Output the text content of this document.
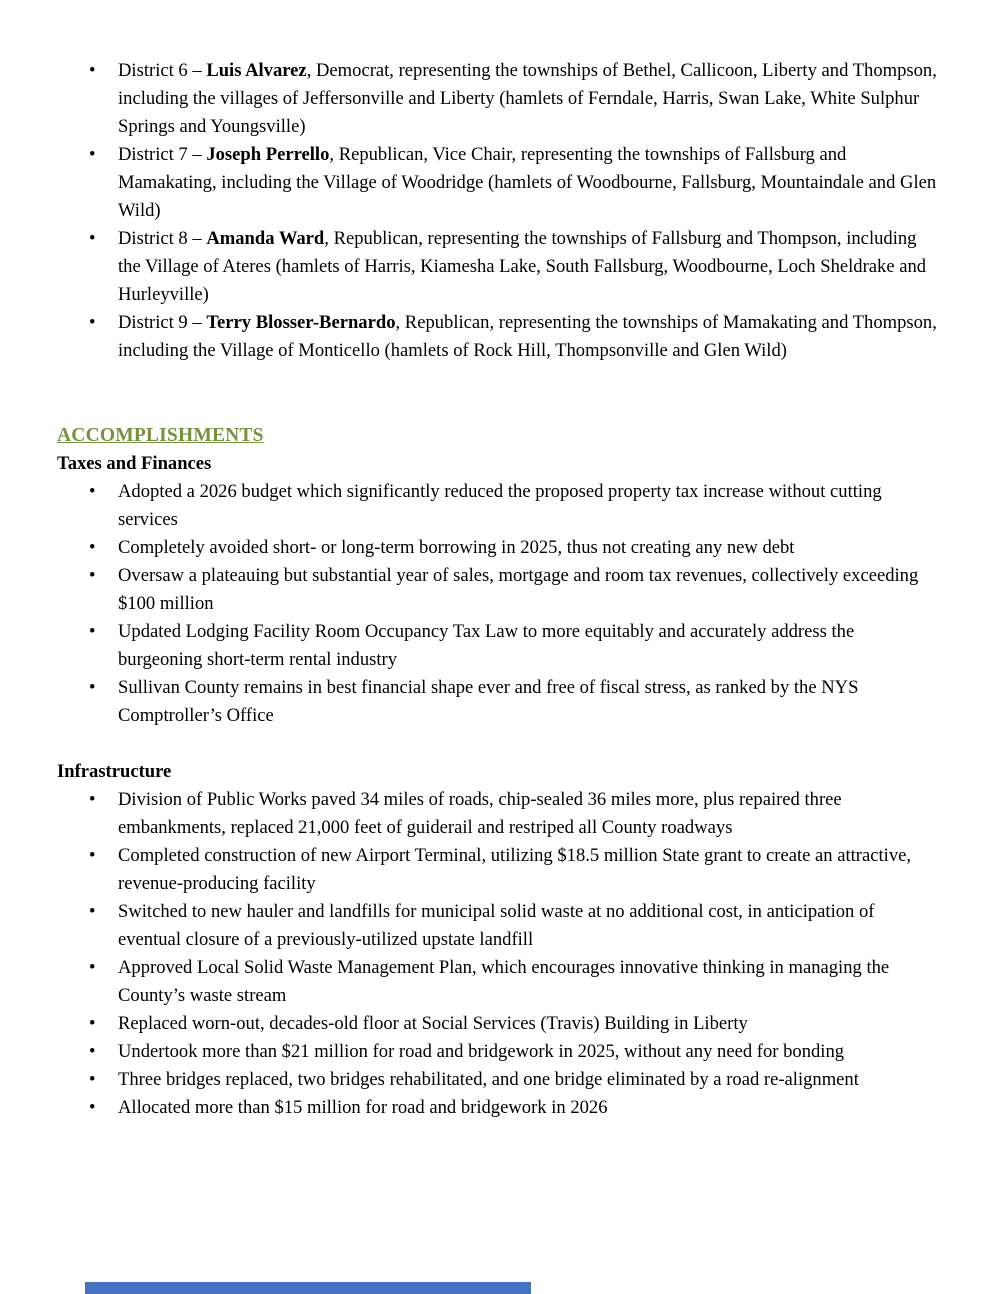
• District 6 – Luis Alvarez, Democrat, representing the townships of Bethel, Callicoon, Liberty and Thompson, including the villages of Jeffersonville and Liberty (hamlets of Ferndale, Harris, Swan Lake, White Sulphur Springs and Youngsville)
• District 7 – Joseph Perrello, Republican, Vice Chair, representing the townships of Fallsburg and Mamakating, including the Village of Woodridge (hamlets of Woodbourne, Fallsburg, Mountaindale and Glen Wild)
• District 8 – Amanda Ward, Republican, representing the townships of Fallsburg and Thompson, including the Village of Ateres (hamlets of Harris, Kiamesha Lake, South Fallsburg, Woodbourne, Loch Sheldrake and Hurleyville)
• District 9 – Terry Blosser-Bernardo, Republican, representing the townships of Mamakating and Thompson, including the Village of Monticello (hamlets of Rock Hill, Thompsonville and Glen Wild)
ACCOMPLISHMENTS
Taxes and Finances
• Adopted a 2026 budget which significantly reduced the proposed property tax increase without cutting services
• Completely avoided short- or long-term borrowing in 2025, thus not creating any new debt
• Oversaw a plateauing but substantial year of sales, mortgage and room tax revenues, collectively exceeding $100 million
• Updated Lodging Facility Room Occupancy Tax Law to more equitably and accurately address the burgeoning short-term rental industry
• Sullivan County remains in best financial shape ever and free of fiscal stress, as ranked by the NYS Comptroller’s Office
Infrastructure
• Division of Public Works paved 34 miles of roads, chip-sealed 36 miles more, plus repaired three embankments, replaced 21,000 feet of guiderail and restriped all County roadways
• Completed construction of new Airport Terminal, utilizing $18.5 million State grant to create an attractive, revenue-producing facility
• Switched to new hauler and landfills for municipal solid waste at no additional cost, in anticipation of eventual closure of a previously-utilized upstate landfill
• Approved Local Solid Waste Management Plan, which encourages innovative thinking in managing the County’s waste stream
• Replaced worn-out, decades-old floor at Social Services (Travis) Building in Liberty
• Undertook more than $21 million for road and bridgework in 2025, without any need for bonding
• Three bridges replaced, two bridges rehabilitated, and one bridge eliminated by a road re-alignment
• Allocated more than $15 million for road and bridgework in 2026
